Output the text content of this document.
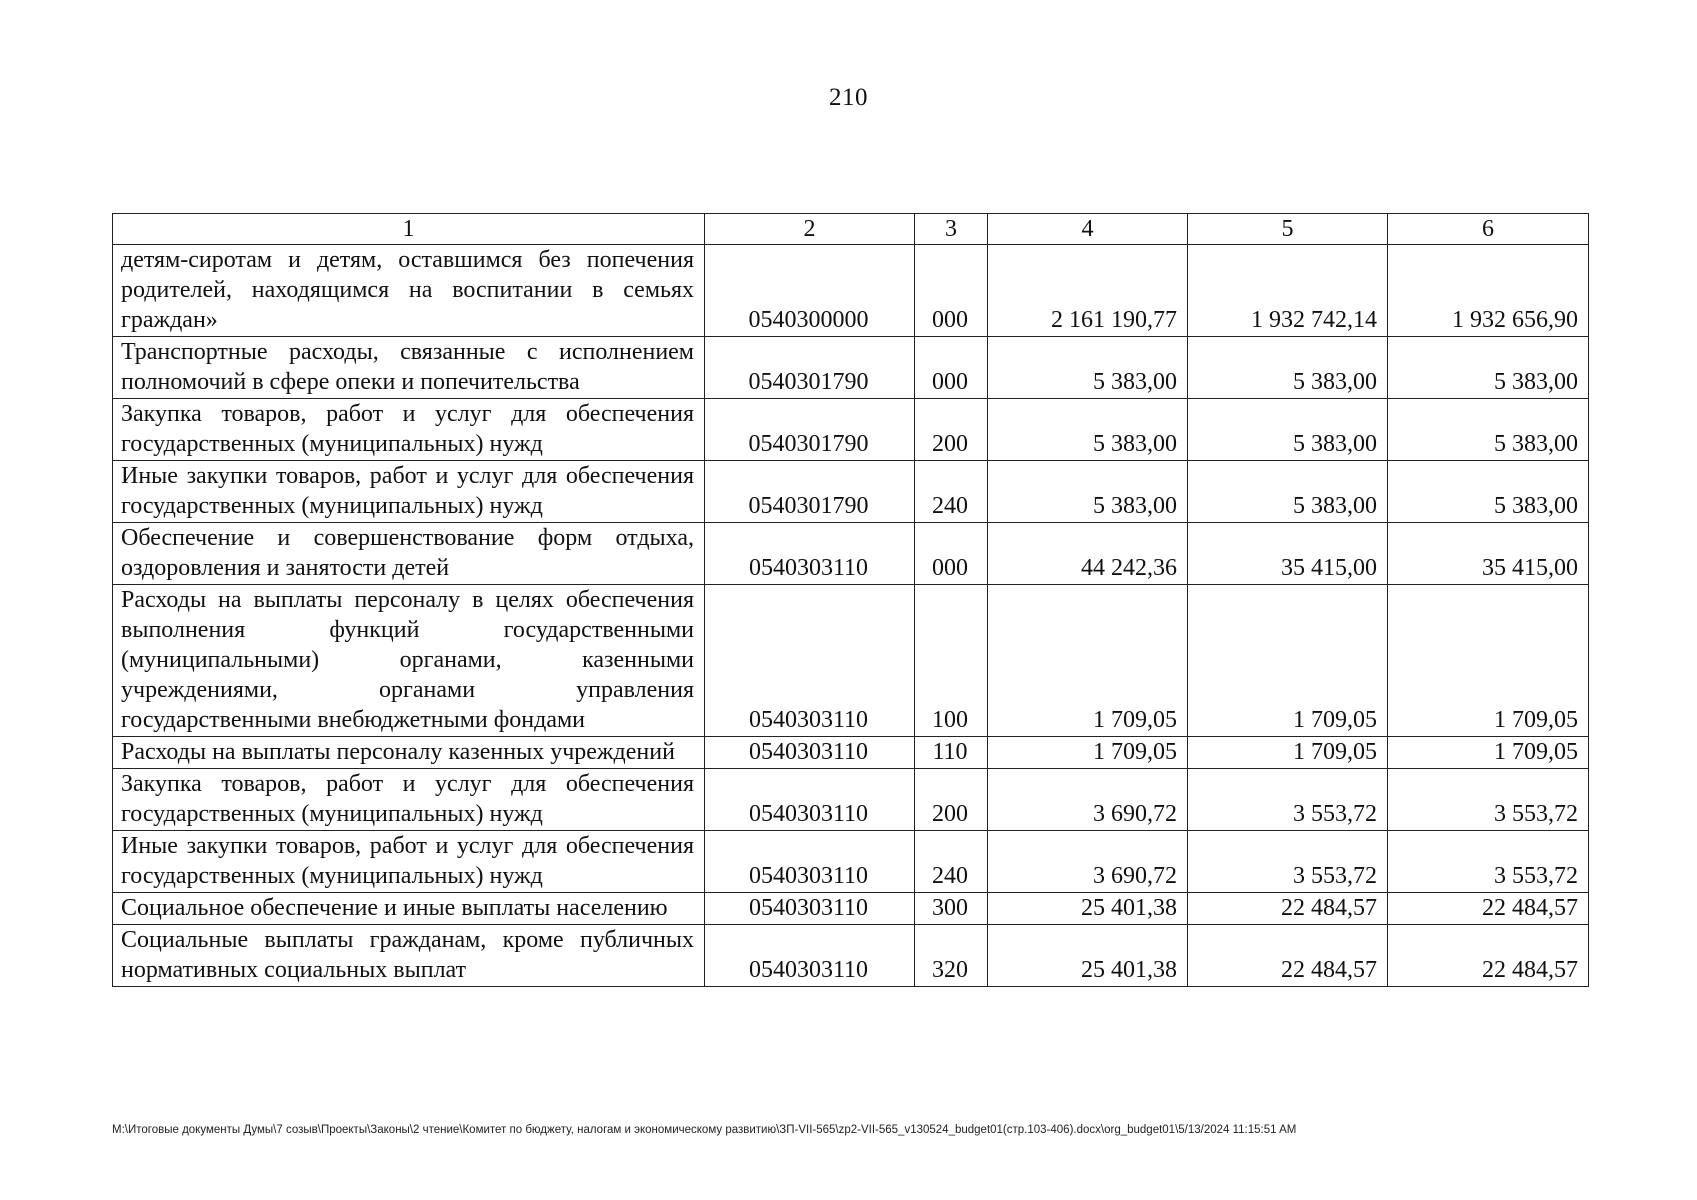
210
1	2	3	4	5	6
детям-сиротам и детям, оставшимся без попечения родителей, находящимся на воспитании в семьях граждан»	0540300000	000	2 161 190,77	1 932 742,14	1 932 656,90
Транспортные расходы, связанные с исполнением полномочий в сфере опеки и попечительства	0540301790	000	5 383,00	5 383,00	5 383,00
Закупка товаров, работ и услуг для обеспечения государственных (муниципальных) нужд	0540301790	200	5 383,00	5 383,00	5 383,00
Иные закупки товаров, работ и услуг для обеспечения государственных (муниципальных) нужд	0540301790	240	5 383,00	5 383,00	5 383,00
Обеспечение и совершенствование форм отдыха, оздоровления и занятости детей	0540303110	000	44 242,36	35 415,00	35 415,00
Расходы на выплаты персоналу в целях обеспечения выполнения функций государственными (муниципальными) органами, казенными учреждениями, органами управления государственными внебюджетными фондами	0540303110	100	1 709,05	1 709,05	1 709,05
Расходы на выплаты персоналу казенных учреждений	0540303110	110	1 709,05	1 709,05	1 709,05
Закупка товаров, работ и услуг для обеспечения государственных (муниципальных) нужд	0540303110	200	3 690,72	3 553,72	3 553,72
Иные закупки товаров, работ и услуг для обеспечения государственных (муниципальных) нужд	0540303110	240	3 690,72	3 553,72	3 553,72
Социальное обеспечение и иные выплаты населению	0540303110	300	25 401,38	22 484,57	22 484,57
Социальные выплаты гражданам, кроме публичных нормативных социальных выплат	0540303110	320	25 401,38	22 484,57	22 484,57
M:\Итоговые документы Думы\7 созыв\Проекты\Законы\2 чтение\Комитет по бюджету, налогам и экономическому развитию\ЗП-VII-565\zp2-VII-565_v130524_budget01(стр.103-406).docx\org_budget01\5/13/2024 11:15:51 AM
